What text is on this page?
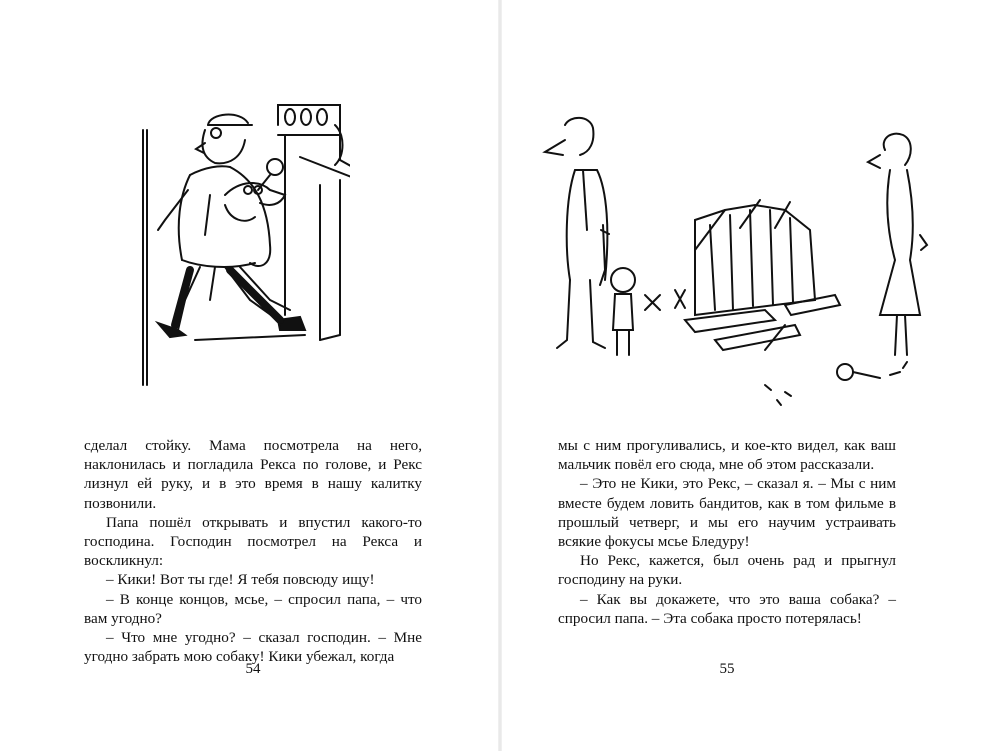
сделал стойку. Мама посмотрела на него, наклонилась и погладила Рекса по голове, и Рекс лизнул ей руку, и в это время в нашу калитку позвонили.

Папа пошёл открывать и впустил какого-то господина. Господин посмотрел на Рекса и воскликнул:

– Кики! Вот ты где! Я тебя повсюду ищу!

– В конце концов, мсье, – спросил папа, – что вам угодно?

– Что мне угодно? – сказал господин. – Мне угодно забрать мою собаку! Кики убежал, когда

54

мы с ним прогуливались, и кое-кто видел, как ваш мальчик повёл его сюда, мне об этом рассказали.

– Это не Кики, это Рекс, – сказал я. – Мы с ним вместе будем ловить бандитов, как в том фильме в прошлый четверг, и мы его научим устраивать всякие фокусы мсье Бледуру!

Но Рекс, кажется, был очень рад и прыгнул господину на руки.

– Как вы докажете, что это ваша собака? – спросил папа. – Эта собака просто потерялась!

55
